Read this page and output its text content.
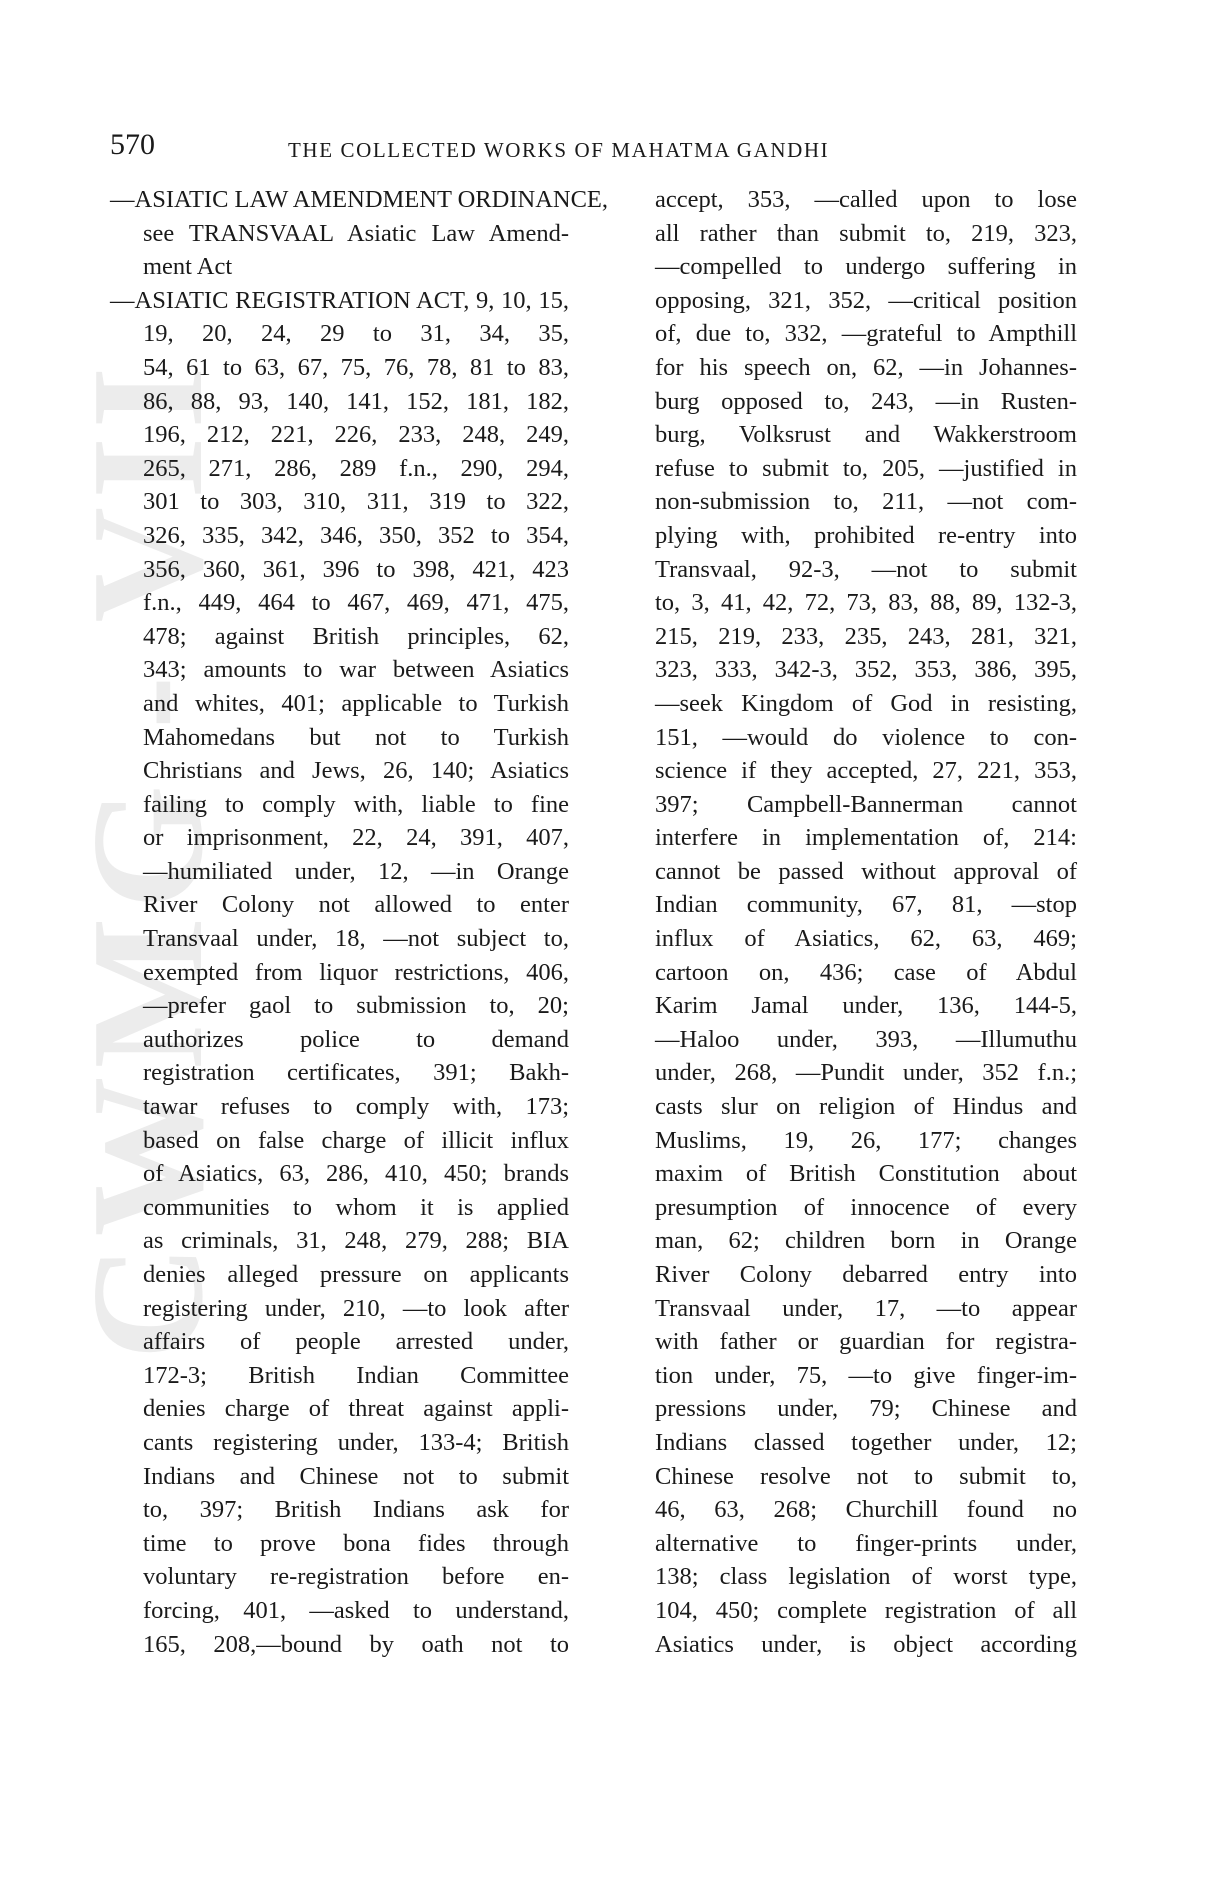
570	THE COLLECTED WORKS OF MAHATMA GANDHI
CWMG - VII
—ASIATIC LAW AMENDMENT ORDINANCE,
see TRANSVAAL Asiatic Law Amend-
ment Act
—ASIATIC REGISTRATION ACT, 9, 10, 15,
19, 20, 24, 29 to 31, 34, 35,
54, 61 to 63, 67, 75, 76, 78, 81 to 83,
86, 88, 93, 140, 141, 152, 181, 182,
196, 212, 221, 226, 233, 248, 249,
265, 271, 286, 289 f.n., 290, 294,
301 to 303, 310, 311, 319 to 322,
326, 335, 342, 346, 350, 352 to 354,
356, 360, 361, 396 to 398, 421, 423
f.n., 449, 464 to 467, 469, 471, 475,
478; against British principles, 62,
343; amounts to war between Asiatics
and whites, 401; applicable to Turkish
Mahomedans but not to Turkish
Christians and Jews, 26, 140; Asiatics
failing to comply with, liable to fine
or imprisonment, 22, 24, 391, 407,
—humiliated under, 12, —in Orange
River Colony not allowed to enter
Transvaal under, 18, —not subject to,
exempted from liquor restrictions, 406,
—prefer gaol to submission to, 20;
authorizes police to demand
registration certificates, 391; Bakh-
tawar refuses to comply with, 173;
based on false charge of illicit influx
of Asiatics, 63, 286, 410, 450; brands
communities to whom it is applied
as criminals, 31, 248, 279, 288; BIA
denies alleged pressure on applicants
registering under, 210, —to look after
affairs of people arrested under,
172-3; British Indian Committee
denies charge of threat against appli-
cants registering under, 133-4; British
Indians and Chinese not to submit
to, 397; British Indians ask for
time to prove bona fides through
voluntary re-registration before en-
forcing, 401, —asked to understand,
165, 208,—bound by oath not to
accept, 353, —called upon to lose
all rather than submit to, 219, 323,
—compelled to undergo suffering in
opposing, 321, 352, —critical position
of, due to, 332, —grateful to Ampthill
for his speech on, 62, —in Johannes-
burg opposed to, 243, —in Rusten-
burg, Volksrust and Wakkerstroom
refuse to submit to, 205, —justified in
non-submission to, 211, —not com-
plying with, prohibited re-entry into
Transvaal, 92-3, —not to submit
to, 3, 41, 42, 72, 73, 83, 88, 89, 132-3,
215, 219, 233, 235, 243, 281, 321,
323, 333, 342-3, 352, 353, 386, 395,
—seek Kingdom of God in resisting,
151, —would do violence to con-
science if they accepted, 27, 221, 353,
397; Campbell-Bannerman cannot
interfere in implementation of, 214:
cannot be passed without approval of
Indian community, 67, 81, —stop
influx of Asiatics, 62, 63, 469;
cartoon on, 436; case of Abdul
Karim Jamal under, 136, 144-5,
—Haloo under, 393, —Illumuthu
under, 268, —Pundit under, 352 f.n.;
casts slur on religion of Hindus and
Muslims, 19, 26, 177; changes
maxim of British Constitution about
presumption of innocence of every
man, 62; children born in Orange
River Colony debarred entry into
Transvaal under, 17, —to appear
with father or guardian for registra-
tion under, 75, —to give finger-im-
pressions under, 79; Chinese and
Indians classed together under, 12;
Chinese resolve not to submit to,
46, 63, 268; Churchill found no
alternative to finger-prints under,
138; class legislation of worst type,
104, 450; complete registration of all
Asiatics under, is object according
